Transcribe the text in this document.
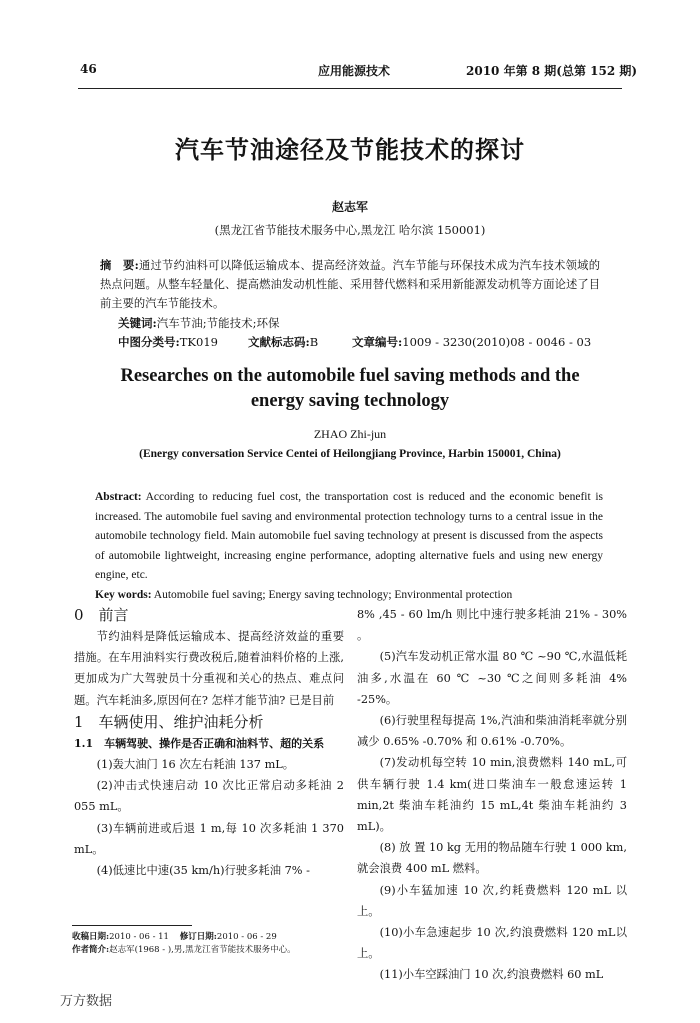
46	应用能源技术	2010 年第 8 期(总第 152 期)
汽车节油途径及节能技术的探讨
赵志军
(黑龙江省节能技术服务中心,黑龙江 哈尔滨 150001)
摘　要:通过节约油料可以降低运输成本、提高经济效益。汽车节能与环保技术成为汽车技术领域的热点问题。从整车轻量化、提高燃油发动机性能、采用替代燃料和采用新能源发动机等方面论述了目前主要的汽车节能技术。
关键词:汽车节油;节能技术;环保
中图分类号:TK019	文献标志码:B	文章编号:1009 - 3230(2010)08 - 0046 - 03
Researches on the automobile fuel saving methods and the
energy saving technology
ZHAO Zhi-jun
(Energy conversation Service Centei of Heilongjiang Province, Harbin 150001, China)
Abstract: According to reducing fuel cost, the transportation cost is reduced and the economic benefit is increased. The automobile fuel saving and environmental protection technology turns to a central issue in the automobile technology field. Main automobile fuel saving technology at present is discussed from the aspects of automobile lightweight, increasing engine performance, adopting alternative fuels and using new energy engine, etc.
Key words: Automobile fuel saving; Energy saving technology; Environmental protection

0　前言

节约油料是降低运输成本、提高经济效益的重要措施。在车用油料实行费改税后,随着油料价格的上涨,更加成为广大驾驶员十分重视和关心的热点、难点问题。汽车耗油多,原因何在? 怎样才能节油? 已是目前

1　车辆使用、维护油耗分析

1.1　车辆驾驶、操作是否正确和油料节、超的关系

(1)轰大油门 16 次左右耗油 137 mL。

(2)冲击式快速启动 10 次比正常启动多耗油 2 055 mL。

(3)车辆前进或后退 1 m,每 10 次多耗油 1 370 mL。

(4)低速比中速(35 km/h)行驶多耗油 7% -

8% ,45 - 60 lm/h 则比中速行驶多耗油 21% - 30% 。

(5)汽车发动机正常水温 80 ℃ ~90 ℃,水温低耗油多,水温在 60 ℃ ~30 ℃之间则多耗油 4% -25%。

(6)行驶里程每提高 1%,汽油和柴油消耗率就分别减少 0.65% -0.70% 和 0.61% -0.70%。

(7)发动机每空转 10 min,浪费燃料 140 mL,可供车辆行驶 1.4 km(进口柴油车一般怠速运转 1 min,2t 柴油车耗油约 15 mL,4t 柴油车耗油约 3 mL)。

(8) 放 置 10 kg 无用的物品随车行驶 1 000 km,就会浪费 400 mL 燃料。

(9)小车猛加速 10 次,约耗费燃料 120 mL 以上。

(10)小车急速起步 10 次,约浪费燃料 120 mL以上。

(11)小车空踩油门 10 次,约浪费燃料 60 mL

收稿日期:2010 - 06 - 11 修订日期:2010 - 06 - 29
作者简介:赵志军(1968 - ),男,黑龙江省节能技术服务中心。
万方数据
